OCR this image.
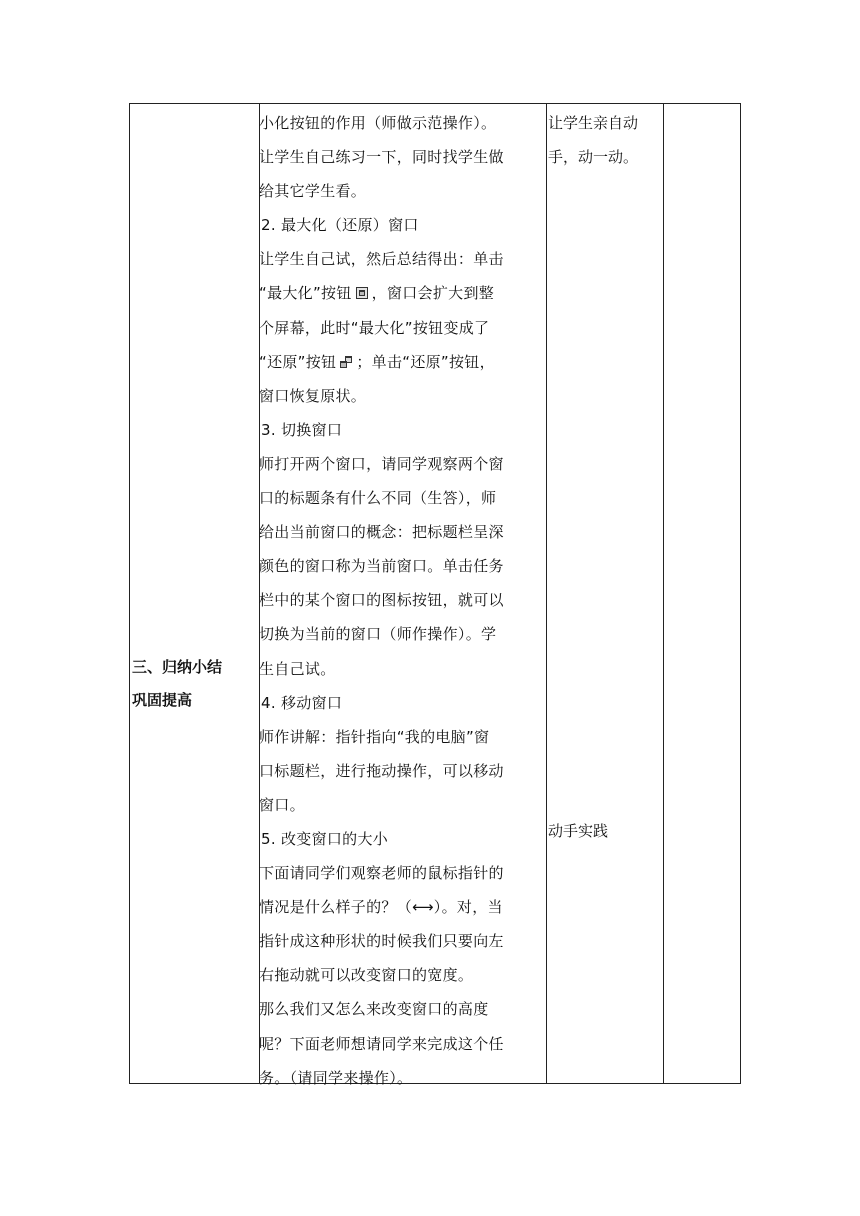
三、归纳小结
巩固提高

小化按钮的作用（师做示范操作）。

让学生自己练习一下，同时找学生做

给其它学生看。

2. 最大化（还原）窗口

让学生自己试，然后总结得出：单击

“最大化”按钮 ，窗口会扩大到整

个屏幕，此时“最大化”按钮变成了

“还原”按钮 ；单击“还原”按钮，

窗口恢复原状。

3. 切换窗口

师打开两个窗口，请同学观察两个窗

口的标题条有什么不同（生答），师

给出当前窗口的概念：把标题栏呈深

颜色的窗口称为当前窗口。单击任务

栏中的某个窗口的图标按钮，就可以

切换为当前的窗口（师作操作）。学

生自己试。

4. 移动窗口

师作讲解：指针指向“我的电脑”窗

口标题栏，进行拖动操作，可以移动

窗口。

5. 改变窗口的大小

下面请同学们观察老师的鼠标指针的

情况是什么样子的？（⟷）。对，当

指针成这种形状的时候我们只要向左

右拖动就可以改变窗口的宽度。

那么我们又怎么来改变窗口的高度

呢？下面老师想请同学来完成这个任

务。（请同学来操作）。

让学生亲自动

手，动一动。

动手实践
